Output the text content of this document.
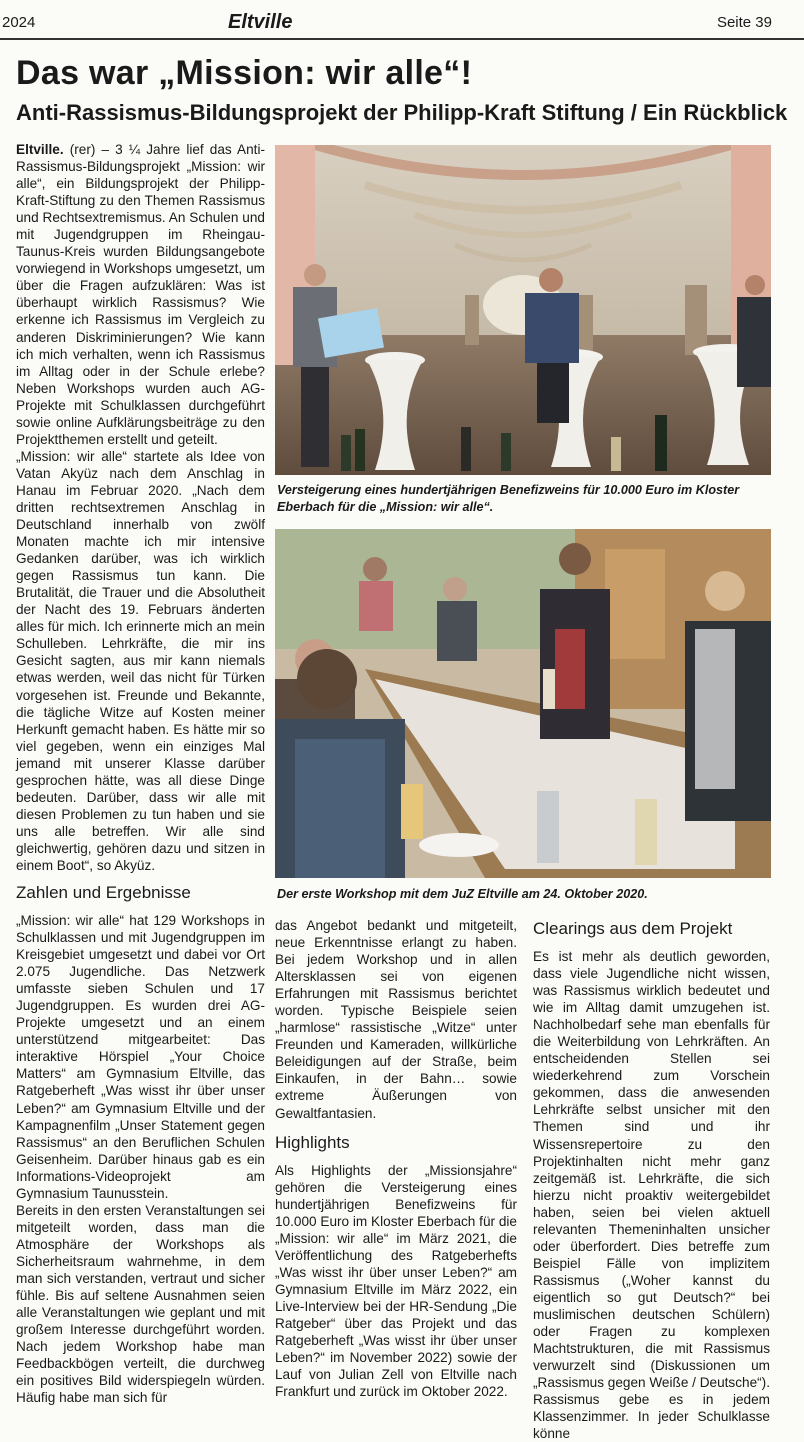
2024	Eltville	Seite 39
Das war „Mission: wir alle“!
Anti-Rassismus-Bildungsprojekt der Philipp-Kraft Stiftung / Ein Rückblick

Eltville. (rer) – 3 ¼ Jahre lief das Anti-Rassismus-Bildungsprojekt „Mission: wir alle“, ein Bildungsprojekt der Philipp-Kraft-Stiftung zu den Themen Rassismus und Rechtsextremismus. An Schulen und mit Jugendgruppen im Rheingau-Taunus-Kreis wurden Bildungsangebote vorwiegend in Workshops umgesetzt, um über die Fragen aufzuklären: Was ist überhaupt wirklich Rassismus? Wie erkenne ich Rassismus im Vergleich zu anderen Diskriminierungen? Wie kann ich mich verhalten, wenn ich Rassismus im Alltag oder in der Schule erlebe? Neben Workshops wurden auch AG-Projekte mit Schulklassen durchgeführt sowie online Aufklärungsbeiträge zu den Projektthemen erstellt und geteilt.

„Mission: wir alle“ startete als Idee von Vatan Akyüz nach dem Anschlag in Hanau im Februar 2020. „Nach dem dritten rechtsextremen Anschlag in Deutschland innerhalb von zwölf Monaten machte ich mir intensive Gedanken darüber, was ich wirklich gegen Rassismus tun kann. Die Brutalität, die Trauer und die Absolutheit der Nacht des 19. Februars änderten alles für mich. Ich erinnerte mich an mein Schulleben. Lehrkräfte, die mir ins Gesicht sagten, aus mir kann niemals etwas werden, weil das nicht für Türken vorgesehen ist. Freunde und Bekannte, die tägliche Witze auf Kosten meiner Herkunft gemacht haben. Es hätte mir so viel gegeben, wenn ein einziges Mal jemand mit unserer Klasse darüber gesprochen hätte, was all diese Dinge bedeuten. Darüber, dass wir alle mit diesen Problemen zu tun haben und sie uns alle betreffen. Wir alle sind gleichwertig, gehören dazu und sitzen in einem Boot“, so Akyüz.

Zahlen und Ergebnisse

„Mission: wir alle“ hat 129 Workshops in Schulklassen und mit Jugendgruppen im Kreisgebiet umgesetzt und dabei vor Ort 2.075 Jugendliche. Das Netzwerk umfasste sieben Schulen und 17 Jugendgruppen. Es wurden drei AG-Projekte umgesetzt und an einem unterstützend mitgearbeitet: Das interaktive Hörspiel „Your Choice Matters“ am Gymnasium Eltville, das Ratgeberheft „Was wisst ihr über unser Leben?“ am Gymnasium Eltville und der Kampagnenfilm „Unser Statement gegen Rassismus“ an den Beruflichen Schulen Geisenheim. Darüber hinaus gab es ein Informations-Videoprojekt am Gymnasium Taunusstein.

Bereits in den ersten Veranstaltungen sei mitgeteilt worden, dass man die Atmosphäre der Workshops als Sicherheitsraum wahrnehme, in dem man sich verstanden, vertraut und sicher fühle. Bis auf seltene Ausnahmen seien alle Veranstaltungen wie geplant und mit großem Interesse durchgeführt worden. Nach jedem Workshop habe man Feedbackbögen verteilt, die durchweg ein positives Bild widerspiegeln würden. Häufig habe man sich für

Versteigerung eines hundertjährigen Benefizweins für 10.000 Euro im Kloster Eberbach für die „Mission: wir alle“.
Der erste Workshop mit dem JuZ Eltville am 24. Oktober 2020.

das Angebot bedankt und mitgeteilt, neue Erkenntnisse erlangt zu haben. Bei jedem Workshop und in allen Altersklassen sei von eigenen Erfahrungen mit Rassismus berichtet worden. Typische Beispiele seien „harmlose“ rassistische „Witze“ unter Freunden und Kameraden, willkürliche Beleidigungen auf der Straße, beim Einkaufen, in der Bahn… sowie extreme Äußerungen von Gewaltfantasien.

Highlights

Als Highlights der „Missionsjahre“ gehören die Versteigerung eines hundertjährigen Benefizweins für 10.000 Euro im Kloster Eberbach für die „Mission: wir alle“ im März 2021, die Veröffentlichung des Ratgeberhefts „Was wisst ihr über unser Leben?“ am Gymnasium Eltville im März 2022, ein Live-Interview bei der HR-Sendung „Die Ratgeber“ über das Projekt und das Ratgeberheft „Was wisst ihr über unser Leben?“ im November 2022) sowie der Lauf von Julian Zell von Eltville nach Frankfurt und zurück im Oktober 2022.

Clearings aus dem Projekt

Es ist mehr als deutlich geworden, dass viele Jugendliche nicht wissen, was Rassismus wirklich bedeutet und wie im Alltag damit umzugehen ist. Nachholbedarf sehe man ebenfalls für die Weiterbildung von Lehrkräften. An entscheidenden Stellen sei wiederkehrend zum Vorschein gekommen, dass die anwesenden Lehrkräfte selbst unsicher mit den Themen sind und ihr Wissensrepertoire zu den Projektinhalten nicht mehr ganz zeitgemäß ist. Lehrkräfte, die sich hierzu nicht proaktiv weitergebildet haben, seien bei vielen aktuell relevanten Themeninhalten unsicher oder überfordert. Dies betreffe zum Beispiel Fälle von implizitem Rassismus („Woher kannst du eigentlich so gut Deutsch?“ bei muslimischen deutschen Schülern) oder Fragen zu komplexen Machtstrukturen, die mit Rassismus verwurzelt sind (Diskussionen um „Rassismus gegen Weiße / Deutsche“).

Rassismus gebe es in jedem Klassenzimmer. In jeder Schulklasse könne
